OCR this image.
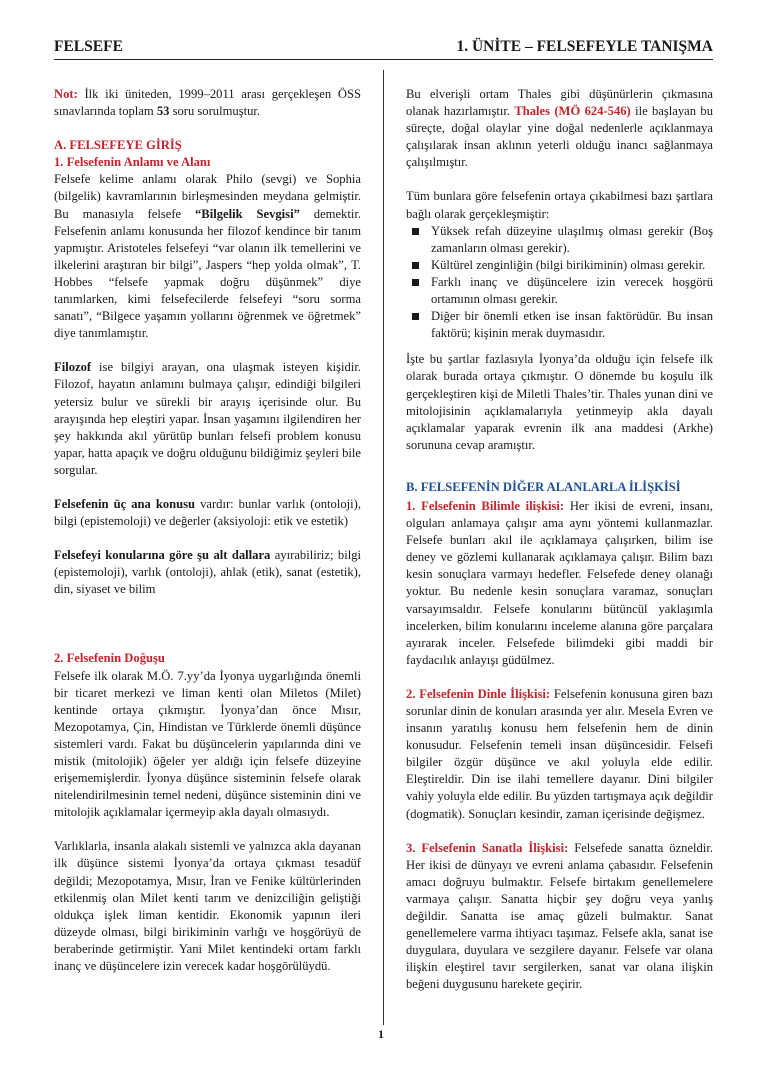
FELSEFE	1. ÜNİTE – FELSEFEYLE TANIŞMA

Not: İlk iki üniteden, 1999–2011 arası gerçekleşen ÖSS sınavlarında toplam 53 soru sorulmuştur.

A. FELSEFEYE GİRİŞ
1. Felsefenin Anlamı ve Alanı

Felsefe kelime anlamı olarak Philo (sevgi) ve Sophia (bilgelik) kavramlarının birleşmesinden meydana gelmiştir. Bu manasıyla felsefe “Bilgelik Sevgisi” demektir. Felsefenin anlamı konusunda her filozof kendince bir tanım yapmıştır. Aristoteles felsefeyi “var olanın ilk temellerini ve ilkelerini araştıran bir bilgi”, Jaspers “hep yolda olmak”, T. Hobbes “felsefe yapmak doğru düşünmek” diye tanımlarken, kimi felsefecilerde felsefeyi “soru sorma sanatı”, “Bilgece yaşamın yollarını öğrenmek ve öğretmek” diye tanımlamıştır.

Filozof ise bilgiyi arayan, ona ulaşmak isteyen kişidir. Filozof, hayatın anlamını bulmaya çalışır, edindiği bilgileri yetersiz bulur ve sürekli bir arayış içerisinde olur. Bu arayışında hep eleştiri yapar. İnsan yaşamını ilgilendiren her şey hakkında akıl yürütüp bunları felsefi problem konusu yapar, hatta apaçık ve doğru olduğunu bildiğimiz şeyleri bile sorgular.

Felsefenin üç ana konusu vardır: bunlar varlık (ontoloji), bilgi (epistemoloji) ve değerler (aksiyoloji: etik ve estetik)

Felsefeyi konularına göre şu alt dallara ayırabiliriz; bilgi (epistemoloji), varlık (ontoloji), ahlak (etik), sanat (estetik), din, siyaset ve bilim

2. Felsefenin Doğuşu

Felsefe ilk olarak M.Ö. 7.yy’da İyonya uygarlığında önemli bir ticaret merkezi ve liman kenti olan Miletos (Milet) kentinde ortaya çıkmıştır. İyonya’dan önce Mısır, Mezopotamya, Çin, Hindistan ve Türklerde önemli düşünce sistemleri vardı. Fakat bu düşüncelerin yapılarında dini ve mistik (mitolojik) öğeler yer aldığı için felsefe düzeyine erişememişlerdir. İyonya düşünce sisteminin felsefe olarak nitelendirilmesinin temel nedeni, düşünce sisteminin dini ve mitolojik açıklamalar içermeyip akla dayalı olmasıydı.

Varlıklarla, insanla alakalı sistemli ve yalnızca akla dayanan ilk düşünce sistemi İyonya’da ortaya çıkması tesadüf değildi; Mezopotamya, Mısır, İran ve Fenike kültürlerinden etkilenmiş olan Milet kenti tarım ve denizciliğin geliştiği oldukça işlek liman kentidir. Ekonomik yapının ileri düzeyde olması, bilgi birikiminin varlığı ve hoşgörüyü de beraberinde getirmiştir. Yani Milet kentindeki ortam farklı inanç ve düşüncelere izin verecek kadar hoşgörülüydü.

Bu elverişli ortam Thales gibi düşünürlerin çıkmasına olanak hazırlamıştır. Thales (MÖ 624-546) ile başlayan bu süreçte, doğal olaylar yine doğal nedenlerle açıklanmaya çalışılarak insan aklının yeterli olduğu inancı sağlanmaya çalışılmıştır.

Tüm bunlara göre felsefenin ortaya çıkabilmesi bazı şartlara bağlı olarak gerçekleşmiştir:

Yüksek refah düzeyine ulaşılmış olması gerekir (Boş zamanların olması gerekir).
Kültürel zenginliğin (bilgi birikiminin) olması gerekir.
Farklı inanç ve düşüncelere izin verecek hoşgörü ortamının olması gerekir.
Diğer bir önemli etken ise insan faktörüdür. Bu insan faktörü; kişinin merak duymasıdır.

İşte bu şartlar fazlasıyla İyonya’da olduğu için felsefe ilk olarak burada ortaya çıkmıştır. O dönemde bu koşulu ilk gerçekleştiren kişi de Miletli Thales’tir. Thales yunan dini ve mitolojisinin açıklamalarıyla yetinmeyip akla dayalı açıklamalar yaparak evrenin ilk ana maddesi (Arkhe) sorununa cevap aramıştır.

B. FELSEFENİN DİĞER ALANLARLA İLİŞKİSİ

1. Felsefenin Bilimle ilişkisi: Her ikisi de evreni, insanı, olguları anlamaya çalışır ama aynı yöntemi kullanmazlar. Felsefe bunları akıl ile açıklamaya çalışırken, bilim ise deney ve gözlemi kullanarak açıklamaya çalışır. Bilim bazı kesin sonuçlara varmayı hedefler. Felsefede deney olanağı yoktur. Bu nedenle kesin sonuçlara varamaz, sonuçları varsayımsaldır. Felsefe konularını bütüncül yaklaşımla incelerken, bilim konularını inceleme alanına göre parçalara ayırarak inceler. Felsefede bilimdeki gibi maddi bir faydacılık anlayışı güdülmez.

2. Felsefenin Dinle İlişkisi: Felsefenin konusuna giren bazı sorunlar dinin de konuları arasında yer alır. Mesela Evren ve insanın yaratılış konusu hem felsefenin hem de dinin konusudur. Felsefenin temeli insan düşüncesidir. Felsefi bilgiler özgür düşünce ve akıl yoluyla elde edilir. Eleştireldir. Din ise ilahi temellere dayanır. Dini bilgiler vahiy yoluyla elde edilir. Bu yüzden tartışmaya açık değildir (dogmatik). Sonuçları kesindir, zaman içerisinde değişmez.

3. Felsefenin Sanatla İlişkisi: Felsefede sanatta özneldir. Her ikisi de dünyayı ve evreni anlama çabasıdır. Felsefenin amacı doğruyu bulmaktır. Felsefe birtakım genellemelere varmaya çalışır. Sanatta hiçbir şey doğru veya yanlış değildir. Sanatta ise amaç güzeli bulmaktır. Sanat genellemelere varma ihtiyacı taşımaz. Felsefe akla, sanat ise duygulara, duyulara ve sezgilere dayanır. Felsefe var olana ilişkin eleştirel tavır sergilerken, sanat var olana ilişkin beğeni duygusunu harekete geçirir.

1
